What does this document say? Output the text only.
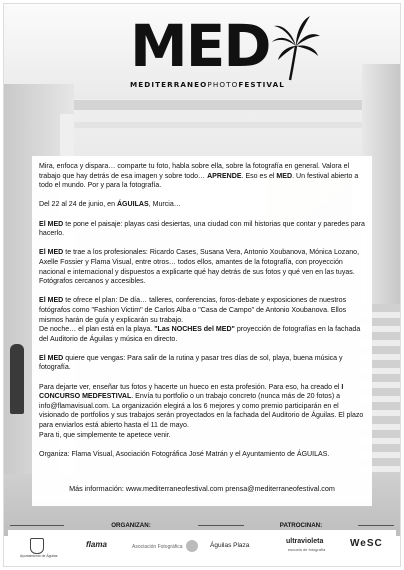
MED
MEDITERRANEOPHOTOFESTIVAL

Mira, enfoca y dispara… comparte tu foto, habla sobre ella, sobre la fotografía en general. Valora el trabajo que hay detrás de esa imagen y sobre todo… APRENDE. Eso es el MED. Un festival abierto a todo el mundo. Por y para la fotografía.

Del 22 al 24 de junio, en ÁGUILAS, Murcia…

El MED te pone el paisaje: playas casi desiertas, una ciudad con mil historias que contar y paredes para hacerlo.

El MED te trae a los profesionales: Ricardo Cases, Susana Vera, Antonio Xoubanova, Mónica Lozano, Axelle Fossier y Flama Visual, entre otros… todos ellos, amantes de la fotografía, con proyección nacional e internacional y dispuestos a explicarte qué hay detrás de sus fotos y qué ven en las tuyas. Fotógrafos cercanos y accesibles.

El MED te ofrece el plan: De día… talleres, conferencias, foros-debate y exposiciones de nuestros fotógrafos como "Fashion Victim" de Carlos Alba o "Casa de Campo" de Antonio Xoubanova. Ellos mismos harán de guía y explicarán su trabajo.
De noche… el plan está en la playa. "Las NOCHES del MED" proyección de fotografías en la fachada del Auditorio de Águilas y música en directo.

El MED quiere que vengas: Para salir de la rutina y pasar tres días de sol, playa, buena música y fotografía.

Para dejarte ver, enseñar tus fotos y hacerte un hueco en esta profesión. Para eso, ha creado el I CONCURSO MEDFESTIVAL. Envía tu portfolio o un trabajo concreto (nunca más de 20 fotos) a info@flamavisual.com. La organización elegirá a los 6 mejores y como premio participarán en el visionado de portfolios y sus trabajos serán proyectados en la fachada del Auditorio de Águilas. El plazo para enviarlos está abierto hasta el 11 de mayo.
Para ti, que simplemente te apetece venir.

Organiza: Flama Visual, Asociación Fotográfica José Matrán y el Ayuntamiento de ÁGUILAS.

Más información: www.mediterraneofestival.com prensa@mediterraneofestival.com
ORGANIZAN:	PATROCINAN:
Ayuntamiento de Águilas
flama	Asociación Fotográfica	Águilas Plaza
ultravioleta
escuela de fotografía
WeSC
